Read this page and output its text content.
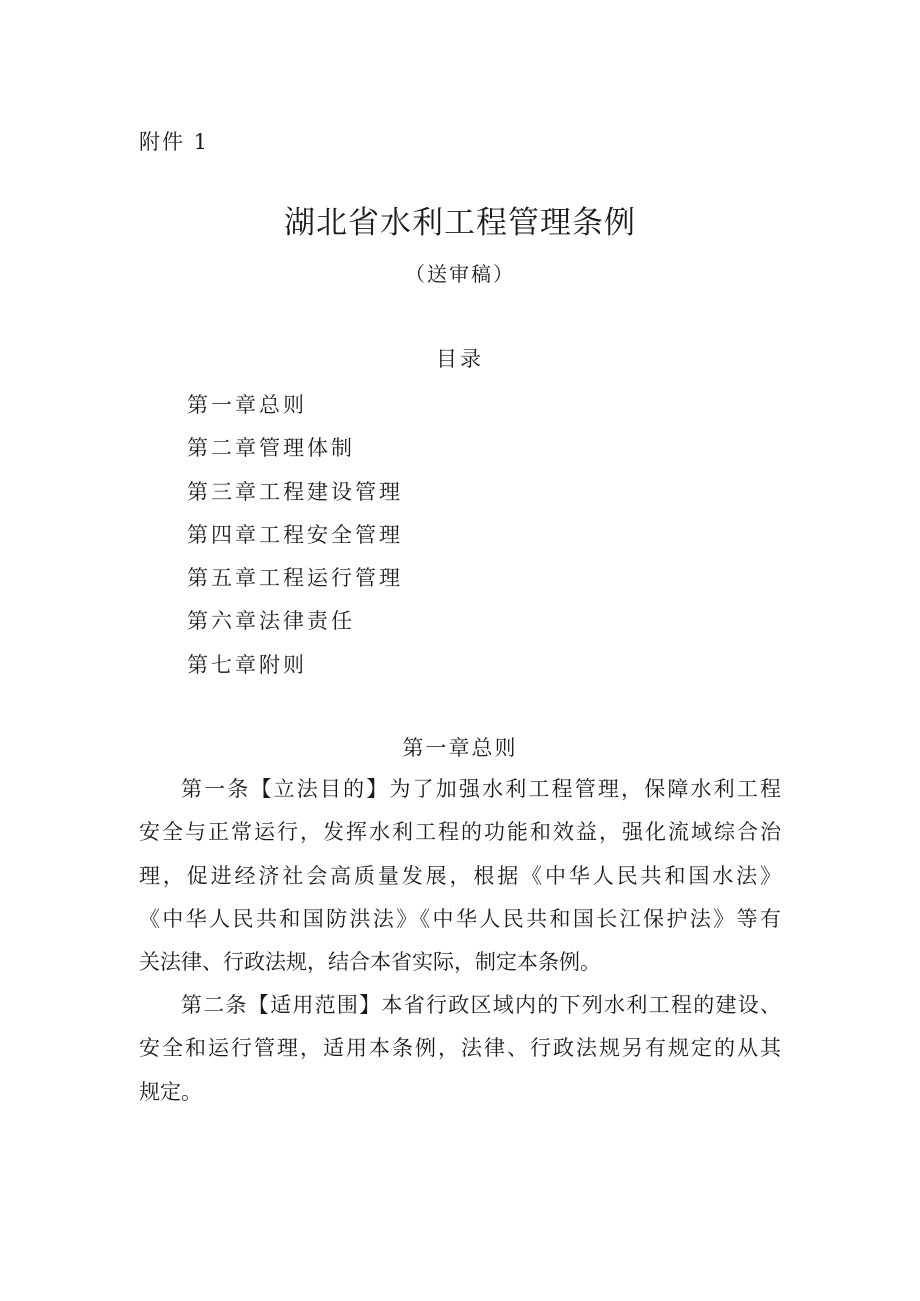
附件 1
湖北省水利工程管理条例
（送审稿）
目录
第一章总则
第二章管理体制
第三章工程建设管理
第四章工程安全管理
第五章工程运行管理
第六章法律责任
第七章附则
第一章总则
第一条【立法目的】为了加强水利工程管理，保障水利工程
安全与正常运行，发挥水利工程的功能和效益，强化流域综合治
理，促进经济社会高质量发展，根据《中华人民共和国水法》
《中华人民共和国防洪法》《中华人民共和国长江保护法》等有
关法律、行政法规，结合本省实际，制定本条例。
第二条【适用范围】本省行政区域内的下列水利工程的建设、
安全和运行管理，适用本条例，法律、行政法规另有规定的从其
规定。
